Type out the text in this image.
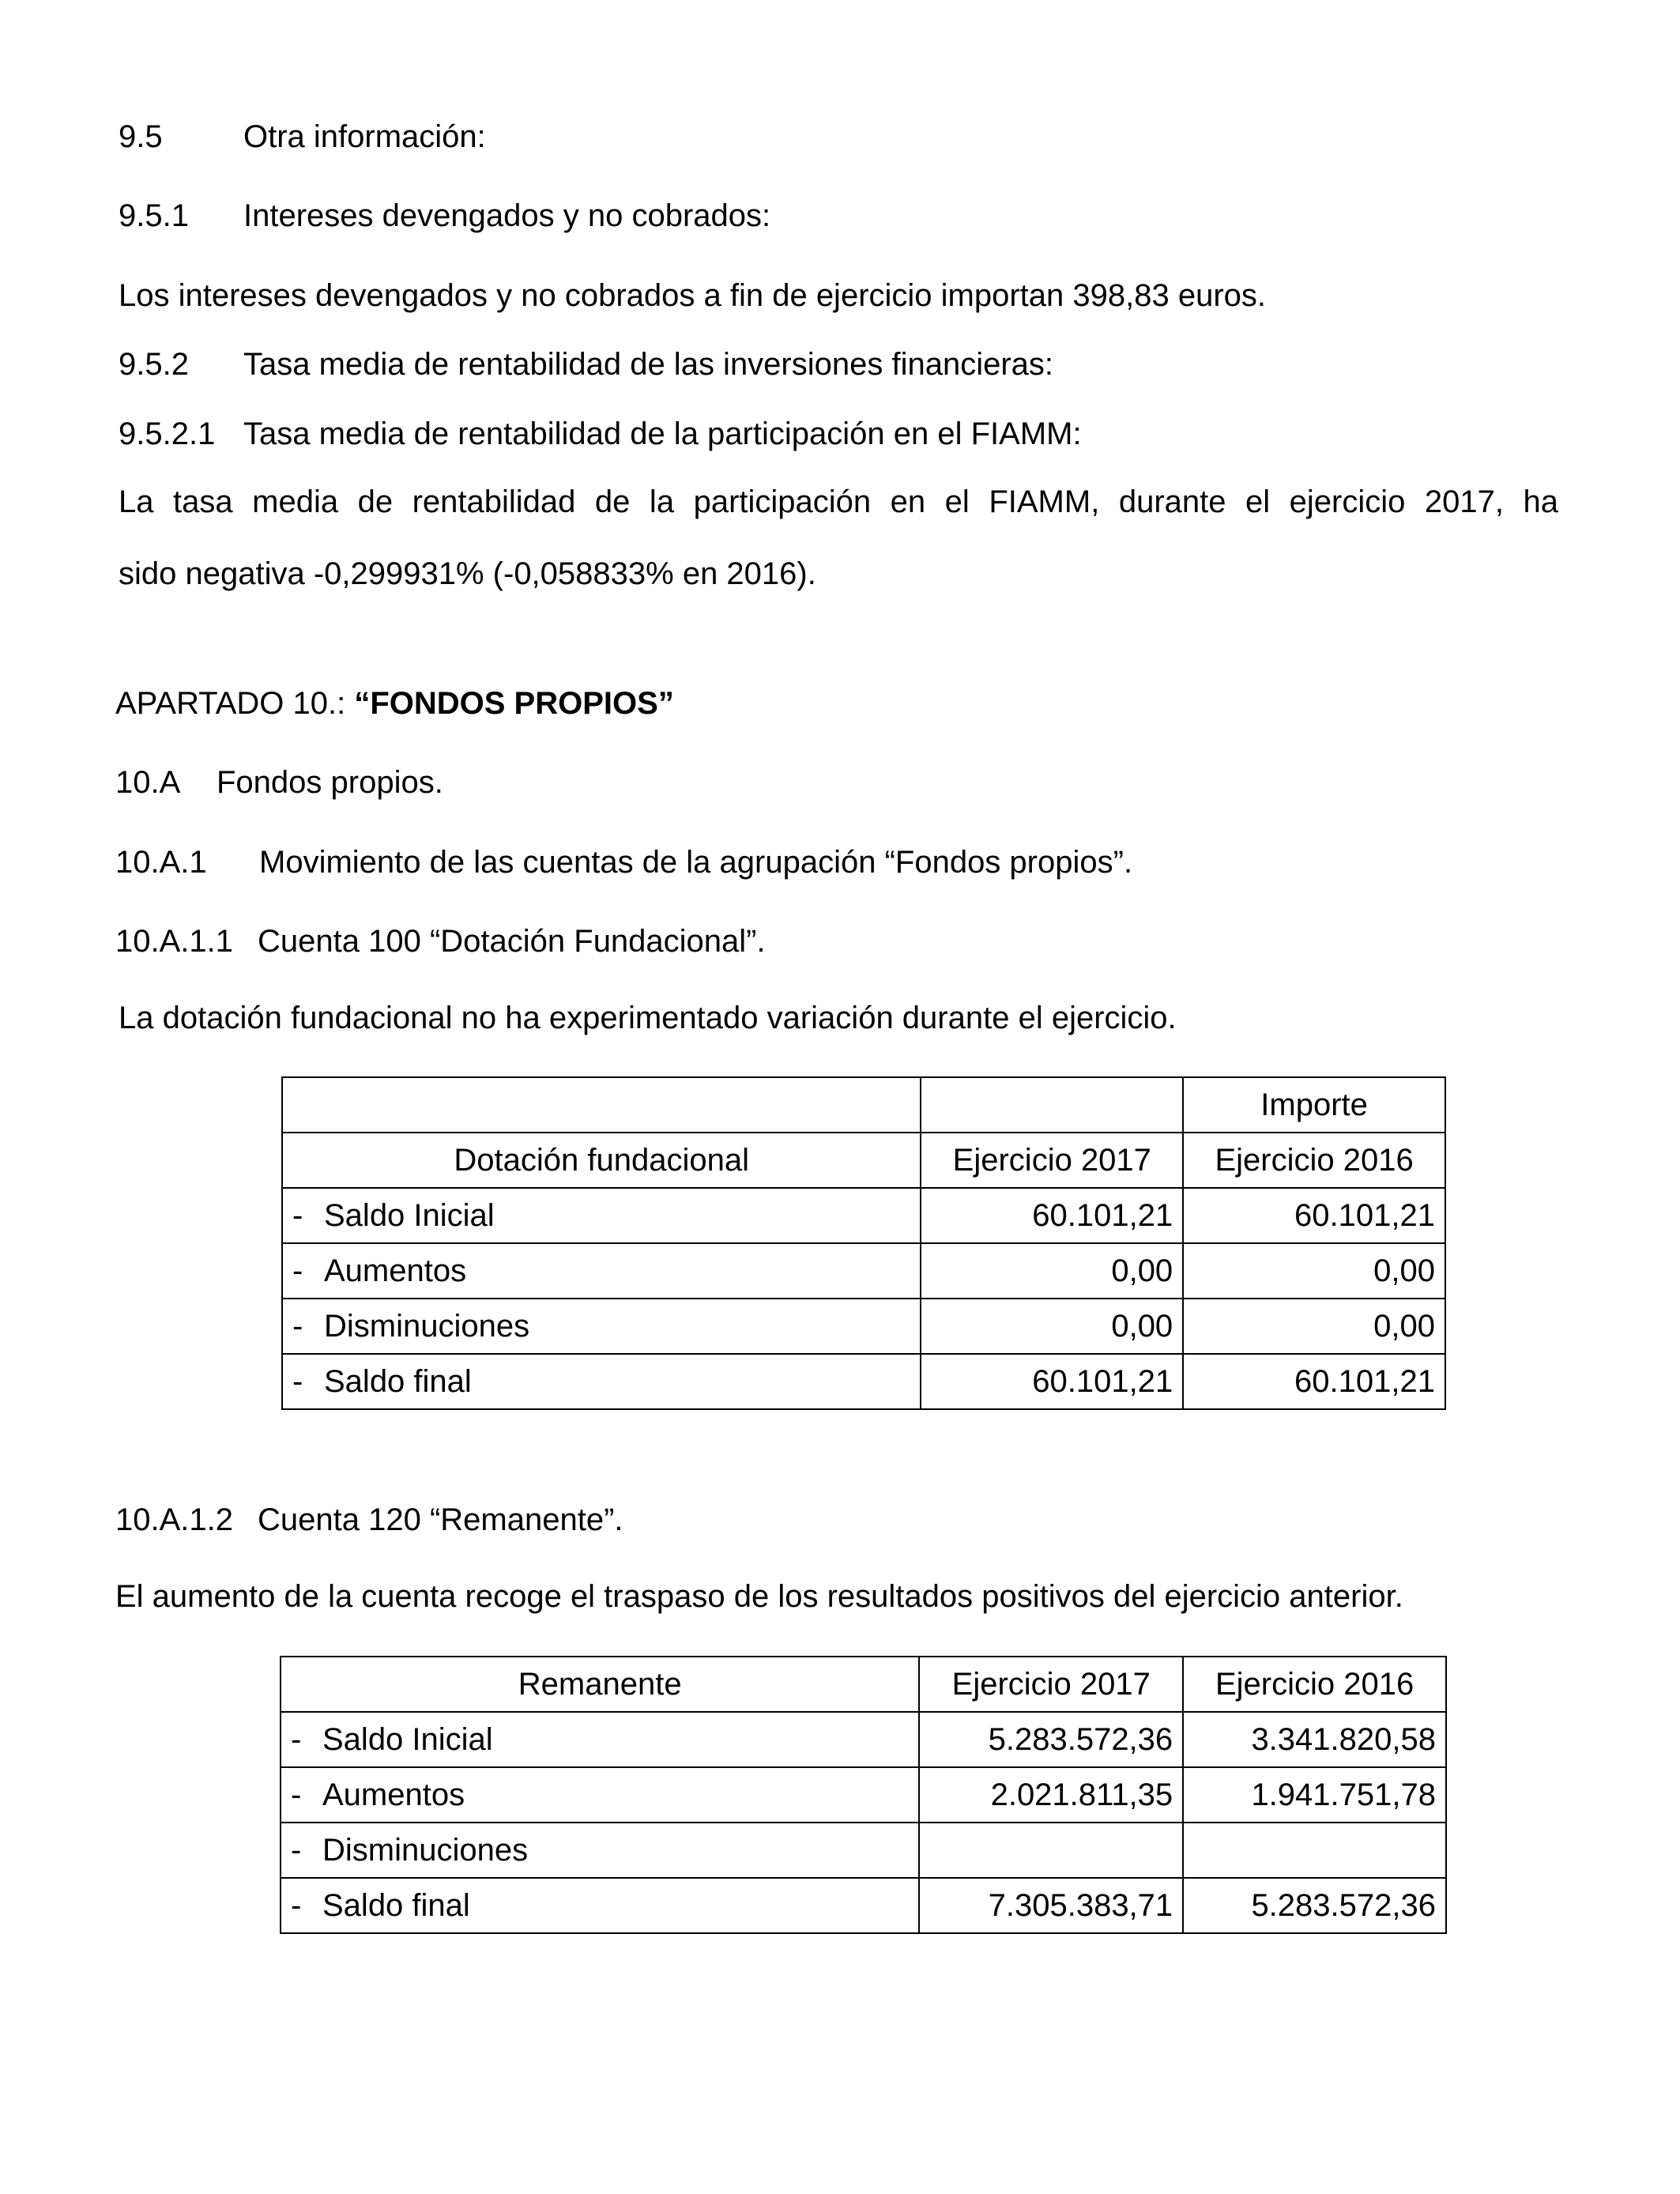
9.5	Otra información:
9.5.1 Intereses devengados y no cobrados:
Los intereses devengados y no cobrados a fin de ejercicio importan 398,83 euros.
9.5.2 Tasa media de rentabilidad de las inversiones financieras:
9.5.2.1 Tasa media de rentabilidad de la participación en el FIAMM:
La tasa media de rentabilidad de la participación en el FIAMM, durante el ejercicio 2017, ha
sido negativa -0,299931% (-0,058833% en 2016).
APARTADO 10.: “FONDOS PROPIOS”
10.A Fondos propios.
10.A.1 Movimiento de las cuentas de la agrupación “Fondos propios”.
10.A.1.1 Cuenta 100 “Dotación Fundacional”.
La dotación fundacional no ha experimentado variación durante el ejercicio.
		Importe
Dotación fundacional	Ejercicio 2017	Ejercicio 2016
- Saldo Inicial	60.101,21	60.101,21
- Aumentos	0,00	0,00
- Disminuciones	0,00	0,00
- Saldo final	60.101,21	60.101,21
10.A.1.2 Cuenta 120 “Remanente”.
El aumento de la cuenta recoge el traspaso de los resultados positivos del ejercicio anterior.
Remanente	Ejercicio 2017	Ejercicio 2016
- Saldo Inicial	5.283.572,36	3.341.820,58
- Aumentos	2.021.811,35	1.941.751,78
- Disminuciones		
- Saldo final	7.305.383,71	5.283.572,36
